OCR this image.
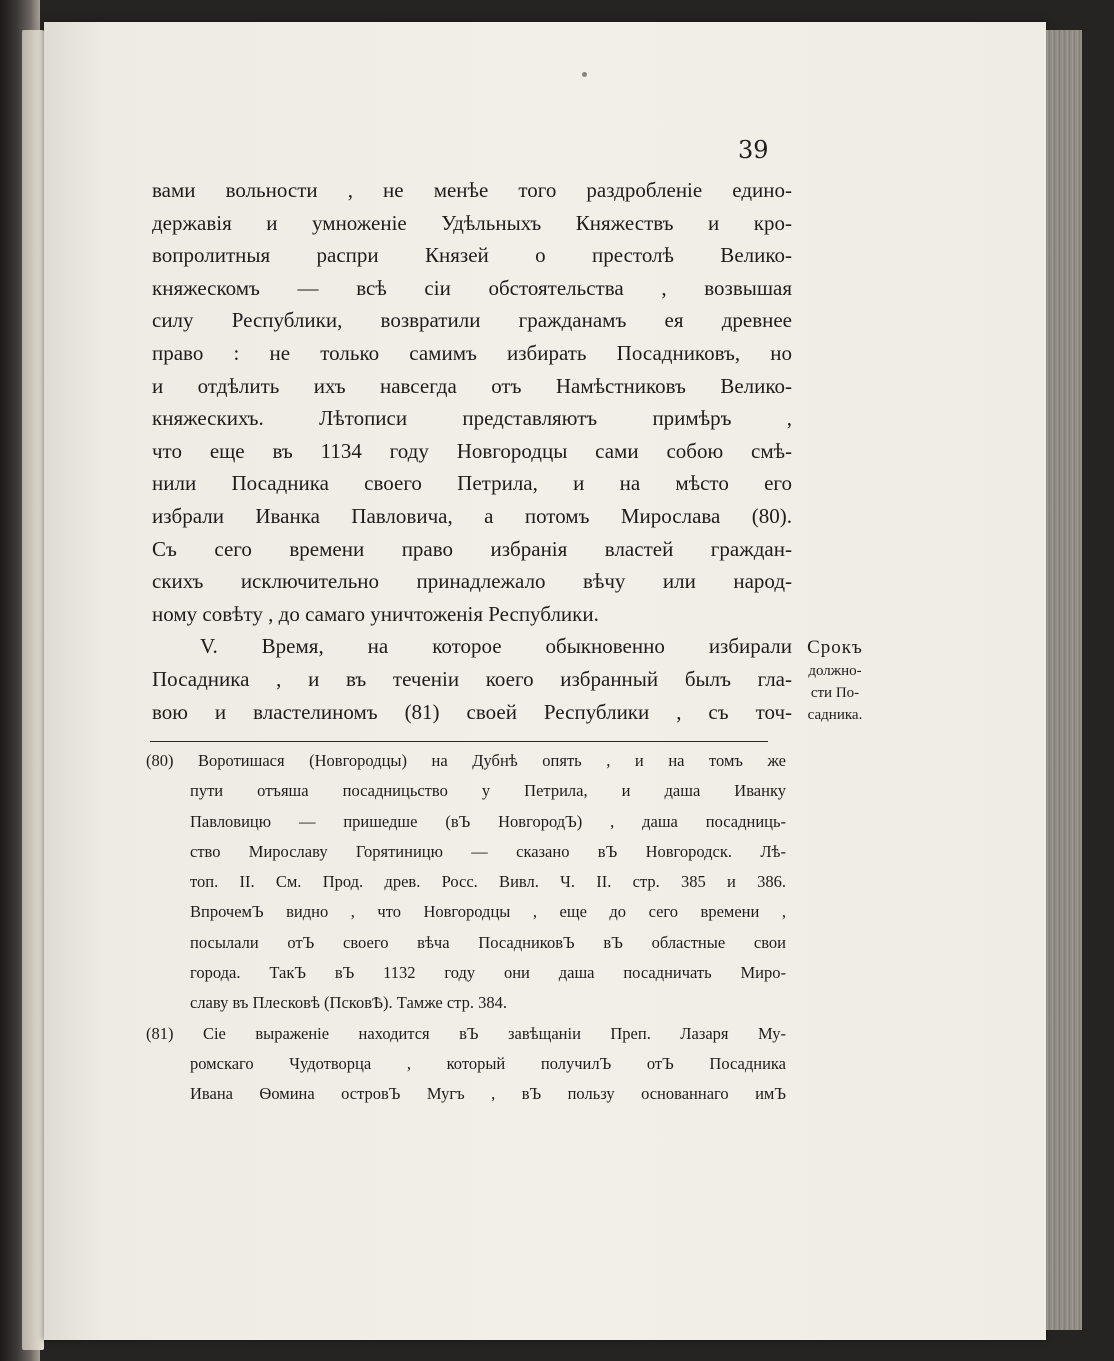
39
вами вольности , не менѣе того раздробленіе едино-
державія и умноженіе Удѣльныхъ Княжествъ и кро-
вопролитныя распри Князей о престолѣ Велико-
княжескомъ — всѣ сіи обстоятельства , возвышая
силу Республики, возвратили гражданамъ ея древнее
право : не только самимъ избирать Посадниковъ, но
и отдѣлить ихъ навсегда отъ Намѣстниковъ Велико-
княжескихъ. Лѣтописи представляютъ примѣръ ,
что еще въ 1134 году Новгородцы сами собою смѣ-
нили Посадника своего Петрила, и на мѣсто его
избрали Иванка Павловича, а потомъ Мирослава (80).
Съ сего времени право избранія властей граждан-
скихъ исключительно принадлежало вѣчу или народ-
ному совѣту , до самаго уничтоженія Республики.
V. Время, на которое обыкновенно избирали
Посадника , и въ теченіи коего избранный былъ гла-
вою и властелиномъ (81) своей Республики , съ точ-
Срокъ
должно-
сти По-
садника.
(80) Воротишася (Новгородцы) на Дубнѣ опять , и на томъ же
пути отъяша посадницьство у Петрила, и даша Иванку
Павловицю — пришедше (вЪ НовгородЪ) , даша посадниць-
ство Мирославу Горятиницю — сказано вЪ Новгородск. Лѣ-
топ. II. См. Прод. древ. Росс. Вивл. Ч. II. стр. 385 и 386.
ВпрочемЪ видно , что Новгородцы , еще до сего времени ,
посылали отЪ своего вѣча ПосадниковЪ вЪ областные свои
города. ТакЪ вЪ 1132 году они даша посадничать Миро-
славу въ Плесковѣ (ПсковѢ). Тамже стр. 384.
(81) Сіе выраженіе находится вЪ завѣщаніи Преп. Лазаря Му-
ромскаго Чудотворца , который получилЪ отЪ Посадника
Ивана Ѳомина островЪ Мугъ , вЪ пользу основаннаго имЪ
